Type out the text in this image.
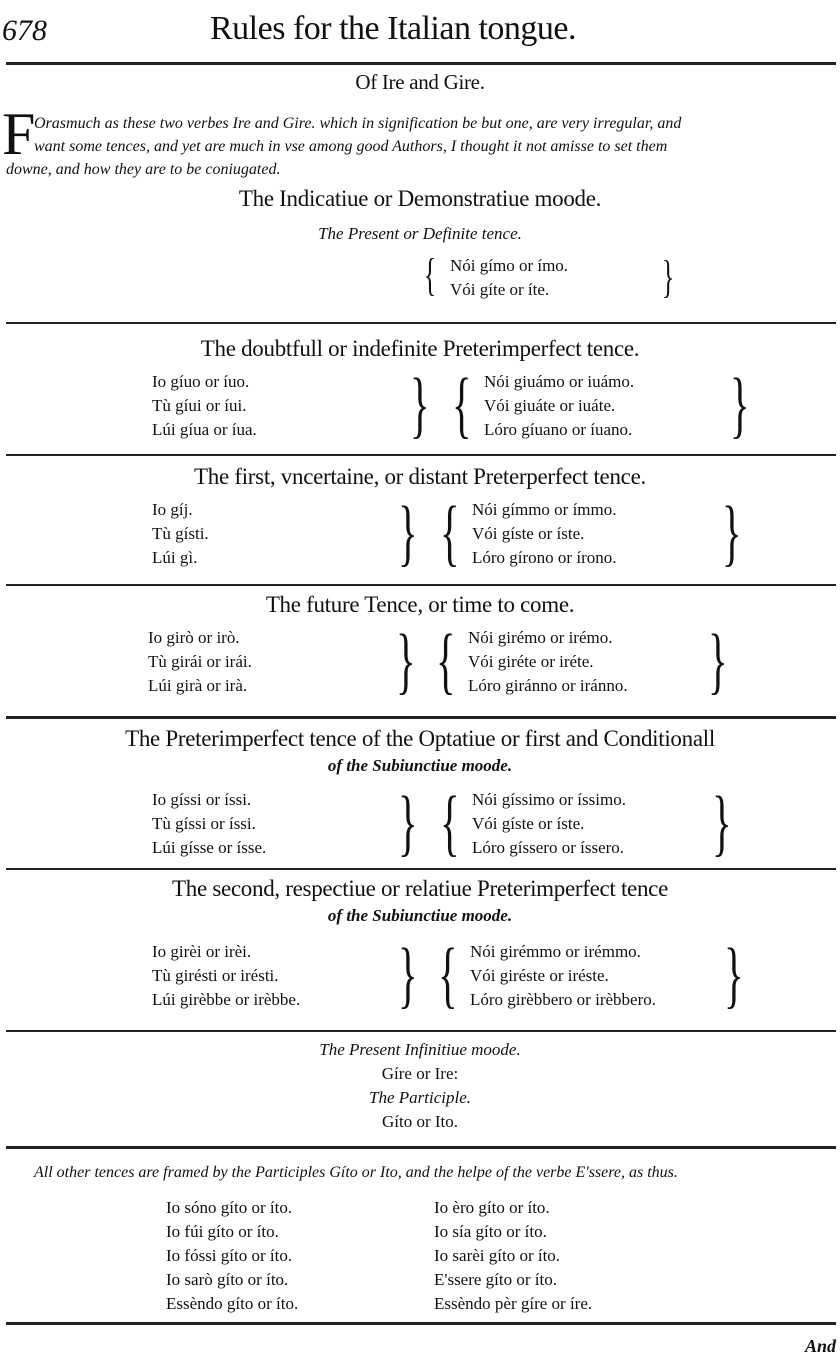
678	Rules for the Italian tongue.
Of Ire and Gire.
F
Orasmuch as these two verbes Ire and Gire. which in signification be but one, are very irregular, and
want some tences, and yet are much in vse among good Authors, I thought it not amisse to set them
downe, and how they are to be coniugated.
The Indicatiue or Demonstratiue moode.
The Present or Definite tence.
{ Nói gímo or ímo.
Vói gíte or íte. }
The doubtfull or indefinite Preterimperfect tence.
Io gíuo or íuo.
Tù gíui or íui.
Lúi gíua or íua. } { Nói giuámo or iuámo.
Vói giuáte or iuáte.
Lóro gíuano or íuano. }
The first, vncertaine, or distant Preterperfect tence.
Io gíj.
Tù gísti.
Lúi gì.	} { Nói gímmo or ímmo.
Vói gíste or íste.
Lóro gírono or írono. }
The future Tence, or time to come.
Io girò or irò.
Tù girái or irái.
Lúi girà or irà. } { Nói girémo or irémo.
Vói giréte or iréte.
Lóro giránno or iránno. }
The Preterimperfect tence of the Optatiue or first and Conditionall
of the Subiunctiue moode.
Io gíssi or íssi.
Tù gíssi or íssi.
Lúi gísse or ísse. } { Nói gíssimo or íssimo.
Vói gíste or íste.
Lóro gíssero or íssero. }
The second, respectiue or relatiue Preterimperfect tence
of the Subiunctiue moode.
Io girèi or irèi.
Tù girésti or irésti.
Lúi girèbbe or irèbbe. } { Nói girémmo or irémmo.
Vói giréste or iréste.
Lóro girèbbero or irèbbero. }
The Present Infinitiue moode.
Gíre or Ire:
The Participle.
Gíto or Ito.
All other tences are framed by the Participles Gíto or Ito, and the helpe of the verbe E'ssere, as thus.
Io sóno gíto or íto.
Io fúi gíto or íto.
Io fóssi gíto or íto.
Io sarò gíto or íto.
Essèndo gíto or íto.
Io èro gíto or íto.
Io sía gíto or íto.
Io sarèi gíto or íto.
E'ssere gíto or íto.
Essèndo pèr gíre or íre.
And
